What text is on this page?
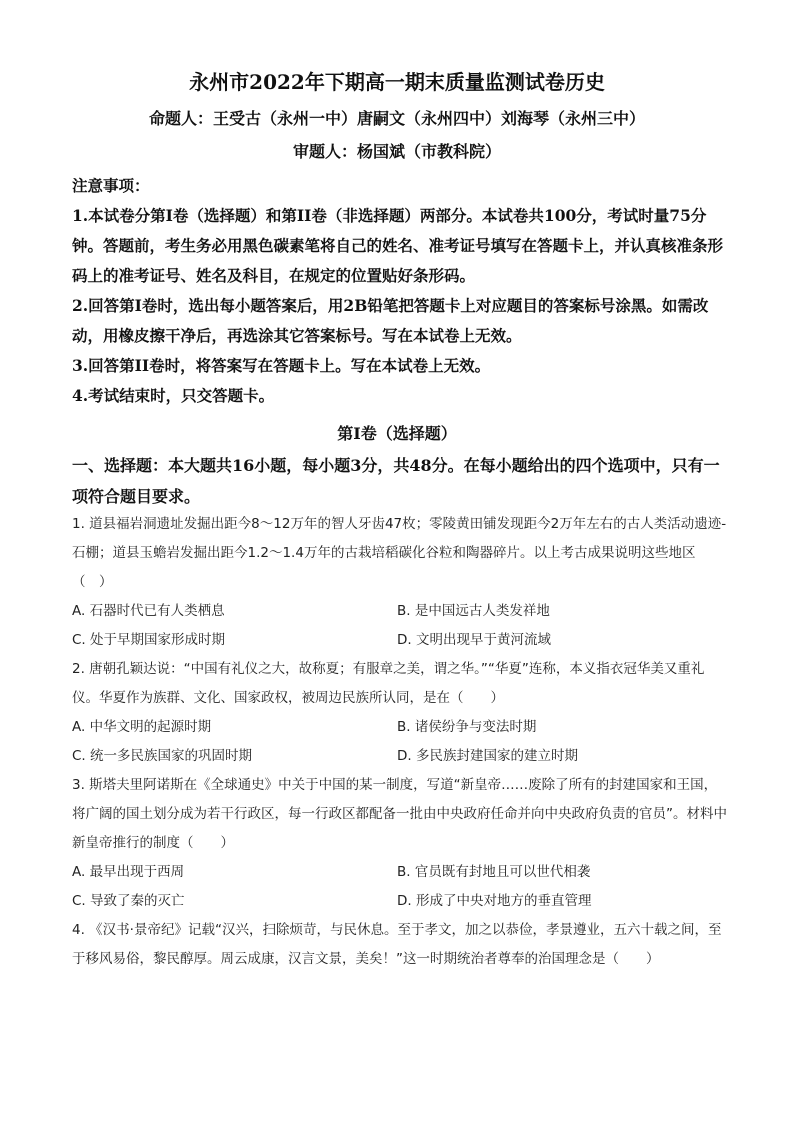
永州市2022年下期高一期末质量监测试卷历史
命题人：王受古（永州一中）唐嗣文（永州四中）刘海琴（永州三中）
审题人：杨国斌（市教科院）

注意事项：

1.本试卷分第I卷（选择题）和第II卷（非选择题）两部分。本试卷共100分，考试时量75分钟。答题前，考生务必用黑色碳素笔将自己的姓名、准考证号填写在答题卡上，并认真核准条形码上的准考证号、姓名及科目，在规定的位置贴好条形码。

2.回答第I卷时，选出每小题答案后，用2B铅笔把答题卡上对应题目的答案标号涂黑。如需改动，用橡皮擦干净后，再选涂其它答案标号。写在本试卷上无效。

3.回答第II卷时，将答案写在答题卡上。写在本试卷上无效。

4.考试结束时，只交答题卡。

第I卷（选择题）
一、选择题：本大题共16小题，每小题3分，共48分。在每小题给出的四个选项中，只有一项符合题目要求。

1. 道县福岩洞遗址发掘出距今8～12万年的智人牙齿47枚；零陵黄田铺发现距今2万年左右的古人类活动遗迹-石棚；道县玉蟾岩发掘出距今1.2～1.4万年的古栽培稻碳化谷粒和陶器碎片。以上考古成果说明这些地区（　）

A. 石器时代已有人类栖息	B. 是中国远古人类发祥地
C. 处于早期国家形成时期	D. 文明出现早于黄河流域

2. 唐朝孔颖达说：“中国有礼仪之大，故称夏；有服章之美，谓之华。”“华夏”连称，本义指衣冠华美又重礼仪。华夏作为族群、文化、国家政权，被周边民族所认同，是在（　　）

A. 中华文明的起源时期	B. 诸侯纷争与变法时期
C. 统一多民族国家的巩固时期	D. 多民族封建国家的建立时期

3. 斯塔夫里阿诺斯在《全球通史》中关于中国的某一制度，写道“新皇帝……废除了所有的封建国家和王国，将广阔的国土划分成为若干行政区，每一行政区都配备一批由中央政府任命并向中央政府负责的官员”。材料中新皇帝推行的制度（　　）

A. 最早出现于西周	B. 官员既有封地且可以世代相袭
C. 导致了秦的灭亡	D. 形成了中央对地方的垂直管理

4. 《汉书·景帝纪》记载“汉兴，扫除烦苛，与民休息。至于孝文，加之以恭俭，孝景遵业，五六十载之间，至于移风易俗，黎民醇厚。周云成康，汉言文景，美矣！”这一时期统治者尊奉的治国理念是（　　）
